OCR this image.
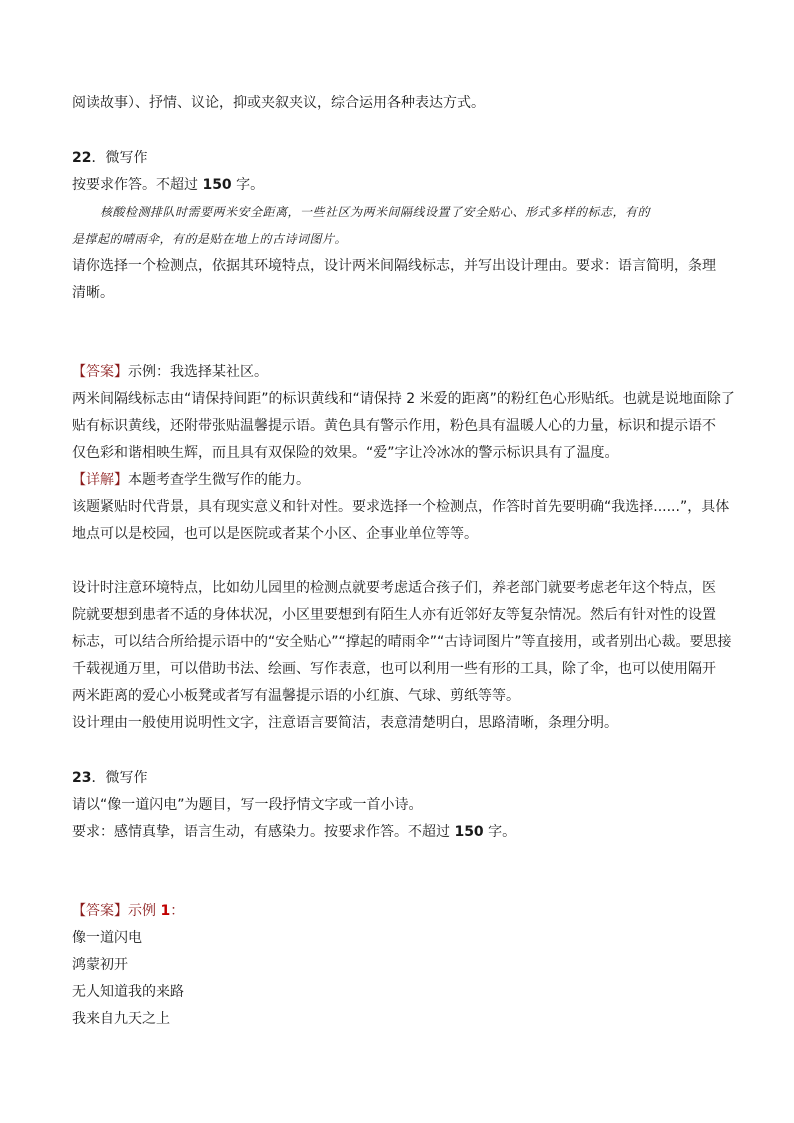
阅读故事）、抒情、议论，抑或夹叙夹议，综合运用各种表达方式。
22．微写作
按要求作答。不超过 150 字。
核酸检测排队时需要两米安全距离，一些社区为两米间隔线设置了安全贴心、形式多样的标志，有的
是撑起的晴雨伞，有的是贴在地上的古诗词图片。
请你选择一个检测点，依据其环境特点，设计两米间隔线标志，并写出设计理由。要求：语言简明，条理
清晰。
【答案】示例：我选择某社区。
两米间隔线标志由“请保持间距”的标识黄线和“请保持 2 米爱的距离”的粉红色心形贴纸。也就是说地面除了
贴有标识黄线，还附带张贴温馨提示语。黄色具有警示作用，粉色具有温暖人心的力量，标识和提示语不
仅色彩和谐相映生辉，而且具有双保险的效果。“爱”字让冷冰冰的警示标识具有了温度。
【详解】本题考查学生微写作的能力。
该题紧贴时代背景，具有现实意义和针对性。要求选择一个检测点，作答时首先要明确“我选择......”，具体
地点可以是校园，也可以是医院或者某个小区、企事业单位等等。
设计时注意环境特点，比如幼儿园里的检测点就要考虑适合孩子们，养老部门就要考虑老年这个特点，医
院就要想到患者不适的身体状况，小区里要想到有陌生人亦有近邻好友等复杂情况。然后有针对性的设置
标志，可以结合所给提示语中的“安全贴心”“撑起的晴雨伞”“古诗词图片”等直接用，或者别出心裁。要思接
千载视通万里，可以借助书法、绘画、写作表意，也可以利用一些有形的工具，除了伞，也可以使用隔开
两米距离的爱心小板凳或者写有温馨提示语的小红旗、气球、剪纸等等。
设计理由一般使用说明性文字，注意语言要简洁，表意清楚明白，思路清晰，条理分明。
23．微写作
请以“像一道闪电”为题目，写一段抒情文字或一首小诗。
要求：感情真挚，语言生动，有感染力。按要求作答。不超过 150 字。
【答案】示例 1：
像一道闪电
鸿蒙初开
无人知道我的来路
我来自九天之上
